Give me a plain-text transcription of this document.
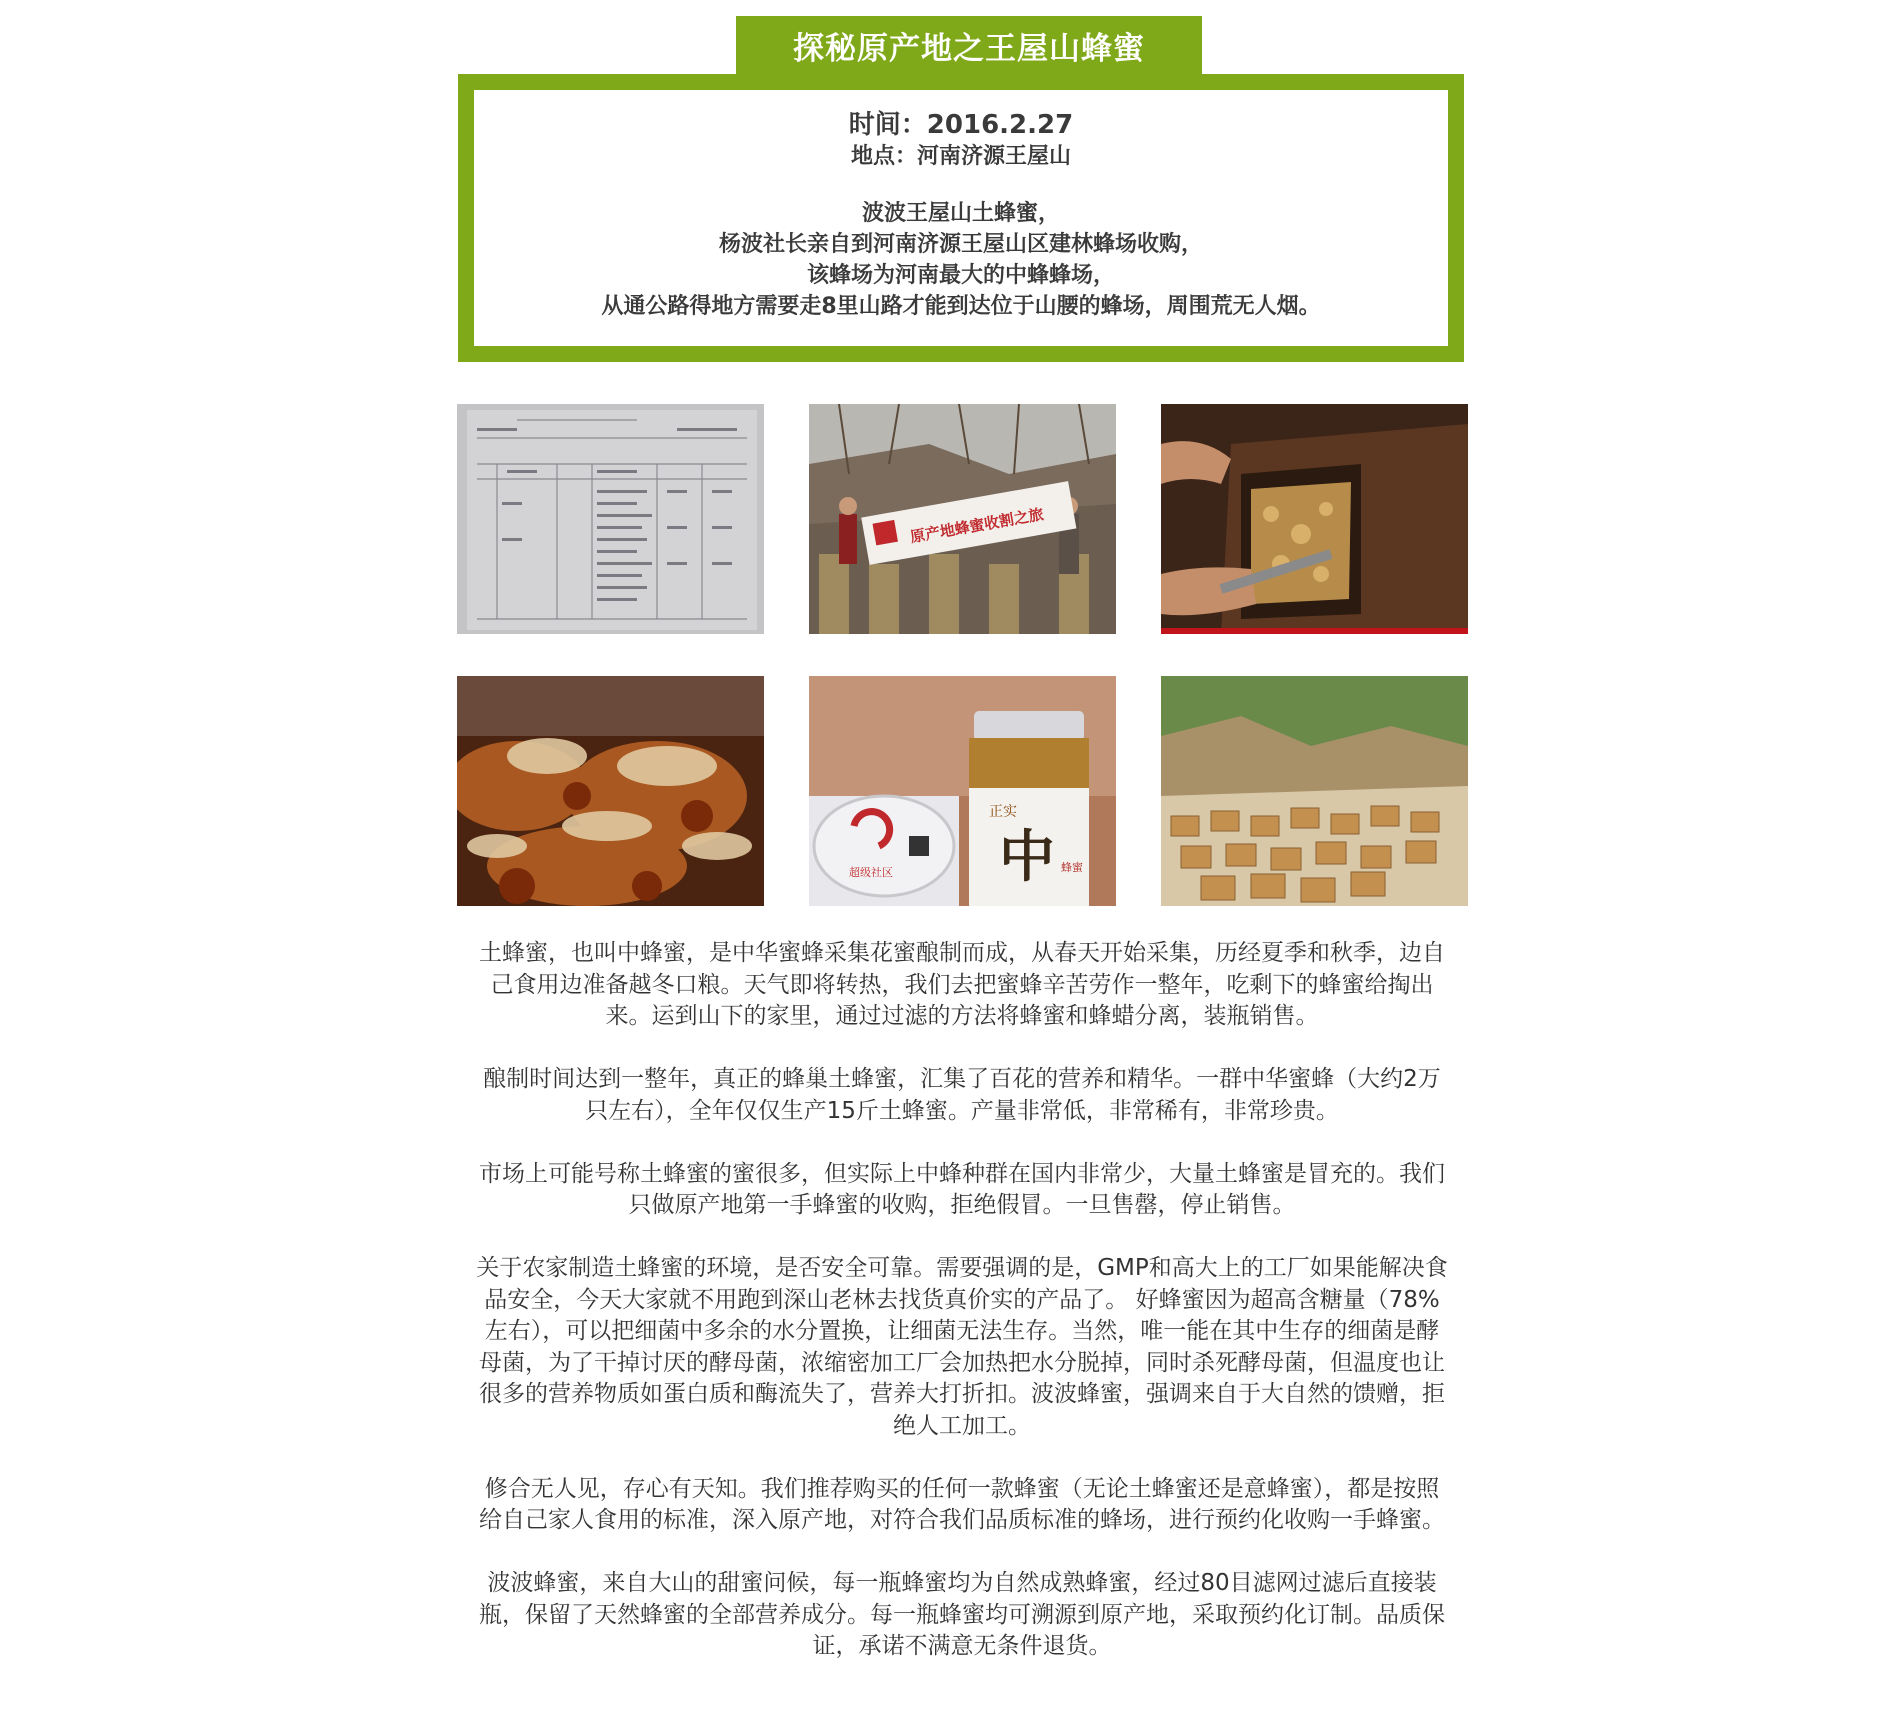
探秘原产地之王屋山蜂蜜
时间：2016.2.27
地点：河南济源王屋山
波波王屋山土蜂蜜，
杨波社长亲自到河南济源王屋山区建林蜂场收购，
该蜂场为河南最大的中蜂蜂场，
从通公路得地方需要走8里山路才能到达位于山腰的蜂场，周围荒无人烟。
原产地蜂蜜收割之旅
正实
中 蜂蜜
超级社区

土蜂蜜，也叫中蜂蜜，是中华蜜蜂采集花蜜酿制而成，从春天开始采集，历经夏季和秋季，边自己食用边准备越冬口粮。天气即将转热，我们去把蜜蜂辛苦劳作一整年，吃剩下的蜂蜜给掏出来。运到山下的家里，通过过滤的方法将蜂蜜和蜂蜡分离，装瓶销售。

酿制时间达到一整年，真正的蜂巢土蜂蜜，汇集了百花的营养和精华。一群中华蜜蜂（大约2万只左右），全年仅仅生产15斤土蜂蜜。产量非常低，非常稀有，非常珍贵。

市场上可能号称土蜂蜜的蜜很多，但实际上中蜂种群在国内非常少，大量土蜂蜜是冒充的。我们只做原产地第一手蜂蜜的收购，拒绝假冒。一旦售罄，停止销售。

关于农家制造土蜂蜜的环境，是否安全可靠。需要强调的是，GMP和高大上的工厂如果能解决食品安全，今天大家就不用跑到深山老林去找货真价实的产品了。 好蜂蜜因为超高含糖量（78%左右），可以把细菌中多余的水分置换，让细菌无法生存。当然，唯一能在其中生存的细菌是酵母菌，为了干掉讨厌的酵母菌，浓缩密加工厂会加热把水分脱掉，同时杀死酵母菌，但温度也让很多的营养物质如蛋白质和酶流失了，营养大打折扣。波波蜂蜜，强调来自于大自然的馈赠，拒绝人工加工。

修合无人见，存心有天知。我们推荐购买的任何一款蜂蜜（无论土蜂蜜还是意蜂蜜），都是按照给自己家人食用的标准，深入原产地，对符合我们品质标准的蜂场，进行预约化收购一手蜂蜜。

波波蜂蜜，来自大山的甜蜜问候，每一瓶蜂蜜均为自然成熟蜂蜜，经过80目滤网过滤后直接装瓶，保留了天然蜂蜜的全部营养成分。每一瓶蜂蜜均可溯源到原产地，采取预约化订制。品质保证，承诺不满意无条件退货。
